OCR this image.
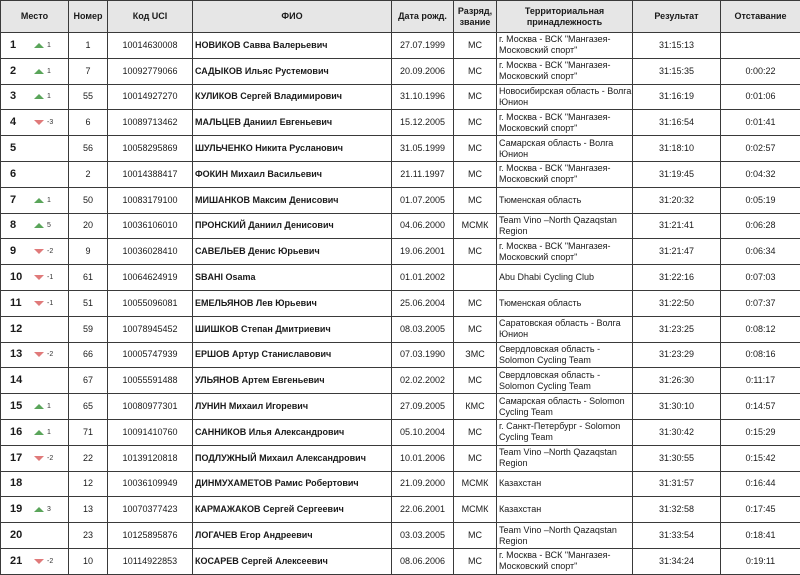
Место	Номер	Код UCI	ФИО	Дата рожд.	Разряд, звание	Территориальная принадлежность	Результат	Отставание

1 1	1	10014630008	НОВИКОВ Савва Валерьевич	27.07.1999	МС	г. Москва - ВСК "Мангазея-Московский спорт"	31:15:13	

2 1	7	10092779066	САДЫКОВ Ильяс Рустемович	20.09.2006	МС	г. Москва - ВСК "Мангазея-Московский спорт"	31:15:35	0:00:22

3 1	55	10014927270	КУЛИКОВ Сергей Владимирович	31.10.1996	МС	Новосибирская область - Волга Юнион	31:16:19	0:01:06

4 -3	6	10089713462	МАЛЬЦЕВ Даниил Евгеньевич	15.12.2005	МС	г. Москва - ВСК "Мангазея-Московский спорт"	31:16:54	0:01:41

5	56	10058295869	ШУЛЬЧЕНКО Никита Русланович	31.05.1999	МС	Самарская область - Волга Юнион	31:18:10	0:02:57

6	2	10014388417	ФОКИН Михаил Васильевич	21.11.1997	МС	г. Москва - ВСК "Мангазея-Московский спорт"	31:19:45	0:04:32

7 1	50	10083179100	МИШАНКОВ Максим Денисович	01.07.2005	МС	Тюменская область	31:20:32	0:05:19

8 5	20	10036106010	ПРОНСКИЙ Даниил Денисович	04.06.2000	МСМК	Team Vino –North Qazaqstan Region	31:21:41	0:06:28

9 -2	9	10036028410	САВЕЛЬЕВ Денис Юрьевич	19.06.2001	МС	г. Москва - ВСК "Мангазея-Московский спорт"	31:21:47	0:06:34

10 -1	61	10064624919	SBAHI Osama	01.01.2002		Abu Dhabi Cycling Club	31:22:16	0:07:03

11 -1	51	10055096081	ЕМЕЛЬЯНОВ Лев Юрьевич	25.06.2004	МС	Тюменская область	31:22:50	0:07:37

12	59	10078945452	ШИШКОВ Степан Дмитриевич	08.03.2005	МС	Саратовская область - Волга Юнион	31:23:25	0:08:12

13 -2	66	10005747939	ЕРШОВ Артур Станиславович	07.03.1990	ЗМС	Свердловская область - Solomon Cycling Team	31:23:29	0:08:16

14	67	10055591488	УЛЬЯНОВ Артем Евгеньевич	02.02.2002	МС	Свердловская область - Solomon Cycling Team	31:26:30	0:11:17

15 1	65	10080977301	ЛУНИН Михаил Игоревич	27.09.2005	КМС	Самарская область - Solomon Cycling Team	31:30:10	0:14:57

16 1	71	10091410760	САННИКОВ Илья Александрович	05.10.2004	МС	г. Санкт-Петербург - Solomon Cycling Team	31:30:42	0:15:29

17 -2	22	10139120818	ПОДЛУЖНЫЙ Михаил Александрович	10.01.2006	МС	Team Vino –North Qazaqstan Region	31:30:55	0:15:42

18	12	10036109949	ДИНМУХАМЕТОВ Рамис Робертович	21.09.2000	МСМК	Казахстан	31:31:57	0:16:44

19 3	13	10070377423	КАРМАЖАКОВ Сергей Сергеевич	22.06.2001	МСМК	Казахстан	31:32:58	0:17:45

20	23	10125895876	ЛОГАЧЕВ Егор Андреевич	03.03.2005	МС	Team Vino –North Qazaqstan Region	31:33:54	0:18:41

21 -2	10	10114922853	КОСАРЕВ Сергей Алексеевич	08.06.2006	МС	г. Москва - ВСК "Мангазея-Московский спорт"	31:34:24	0:19:11
